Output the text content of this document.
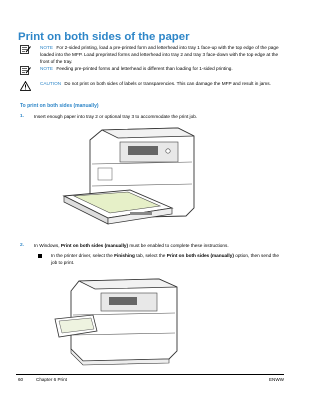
Print on both sides of the paper
NOTE For 2-sided printing, load a pre-printed form and letterhead into tray 1 face-up with the top edge of the page loaded into the MFP. Load preprinted forms and letterhead into tray 2 and tray 3 face-down with the top edge at the front of the tray.
NOTE Feeding pre-printed forms and letterhead is different than loading for 1-sided printing.
CAUTION Do not print on both sides of labels or transparencies. This can damage the MFP and result in jams.
To print on both sides (manually)
1. Insert enough paper into tray 2 or optional tray 3 to accommodate the print job.
2. In Windows, Print on both sides (manually) must be enabled to complete these instructions.
In the printer driver, select the Finishing tab, select the Print on both sides (manually) option, then send the job to print.
60	Chapter 6 Print	ENWW
